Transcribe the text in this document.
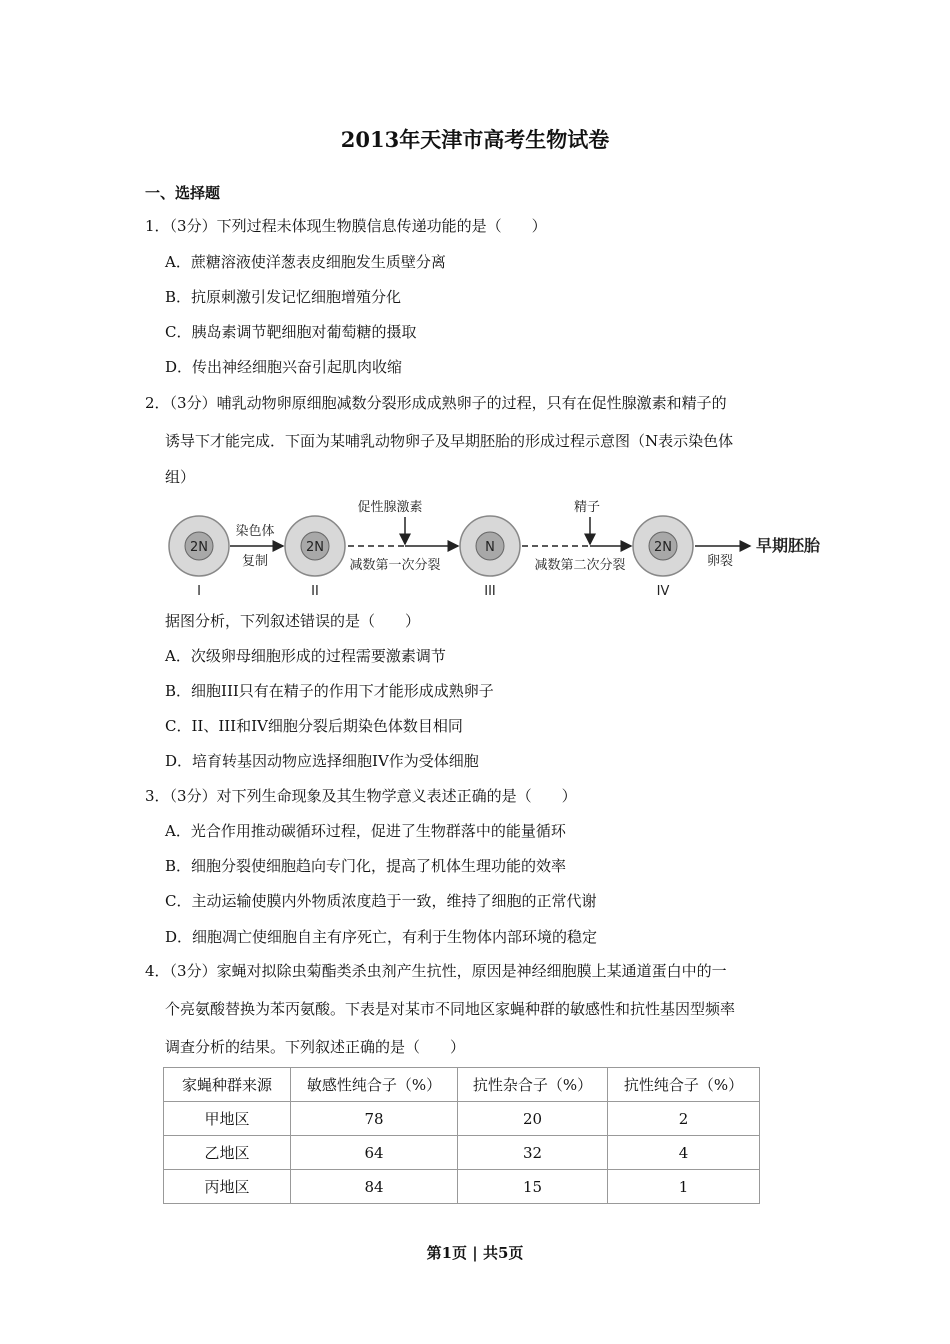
2013年天津市高考生物试卷
一、选择题
1．（3分）下列过程未体现生物膜信息传递功能的是（　　）
A．蔗糖溶液使洋葱表皮细胞发生质壁分离
B．抗原刺激引发记忆细胞增殖分化
C．胰岛素调节靶细胞对葡萄糖的摄取
D．传出神经细胞兴奋引起肌肉收缩
2．（3分）哺乳动物卵原细胞减数分裂形成成熟卵子的过程，只有在促性腺激素和精子的
诱导下才能完成．下面为某哺乳动物卵子及早期胚胎的形成过程示意图（N表示染色体
组）
2N	2N	N	2N
I	II	III	IV
染色体
复制
促性腺激素
减数第一次分裂
精子
减数第二次分裂	卵裂
早期胚胎
据图分析，下列叙述错误的是（　　）
A．次级卵母细胞形成的过程需要激素调节
B．细胞III只有在精子的作用下才能形成成熟卵子
C．II、III和IV细胞分裂后期染色体数目相同
D．培育转基因动物应选择细胞IV作为受体细胞
3．（3分）对下列生命现象及其生物学意义表述正确的是（　　）
A．光合作用推动碳循环过程，促进了生物群落中的能量循环
B．细胞分裂使细胞趋向专门化，提高了机体生理功能的效率
C．主动运输使膜内外物质浓度趋于一致，维持了细胞的正常代谢
D．细胞凋亡使细胞自主有序死亡，有利于生物体内部环境的稳定
4．（3分）家蝇对拟除虫菊酯类杀虫剂产生抗性，原因是神经细胞膜上某通道蛋白中的一
个亮氨酸替换为苯丙氨酸。下表是对某市不同地区家蝇种群的敏感性和抗性基因型频率
调查分析的结果。下列叙述正确的是（　　）
家蝇种群来源	敏感性纯合子（%）	抗性杂合子（%）	抗性纯合子（%）
甲地区	78	20	2
乙地区	64	32	4
丙地区	84	15	1
第1页 | 共5页
